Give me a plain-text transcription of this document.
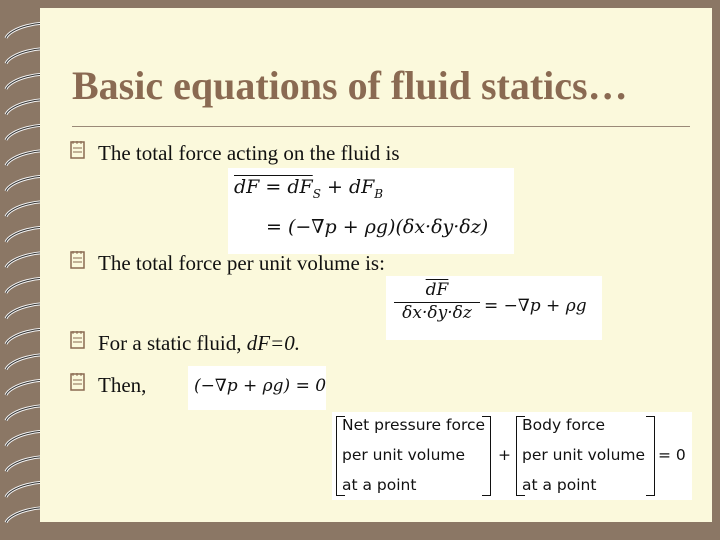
Basic equations of fluid statics…
The total force acting on the fluid is
dF = $dF_S + dF_B$
= (−∇p + ρg)(δx·δy·δz)
The total force per unit volume is:
$\overline{dF}$
δx·δy·δz = −∇p + ρg
For a static fluid, dF=0.
Then,	(−∇p + ρg) = 0
Net pressure force
per unit volume
at a point
+
Body force
per unit volume
at a point
= 0
